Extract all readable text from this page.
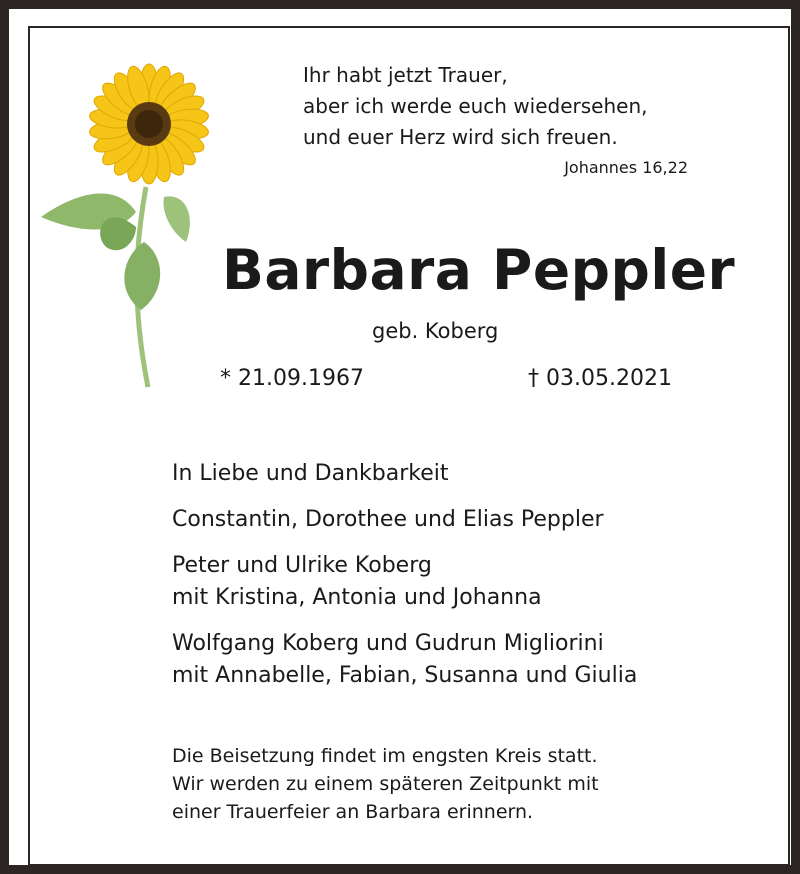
Ihr habt jetzt Trauer,
aber ich werde euch wiedersehen,
und euer Herz wird sich freuen.
Johannes 16,22
Barbara Peppler
geb. Koberg
* 21.09.1967	† 03.05.2021
In Liebe und Dankbarkeit
Constantin, Dorothee und Elias Peppler
Peter und Ulrike Koberg
mit Kristina, Antonia und Johanna
Wolfgang Koberg und Gudrun Migliorini
mit Annabelle, Fabian, Susanna und Giulia
Die Beisetzung findet im engsten Kreis statt.
Wir werden zu einem späteren Zeitpunkt mit
einer Trauerfeier an Barbara erinnern.
